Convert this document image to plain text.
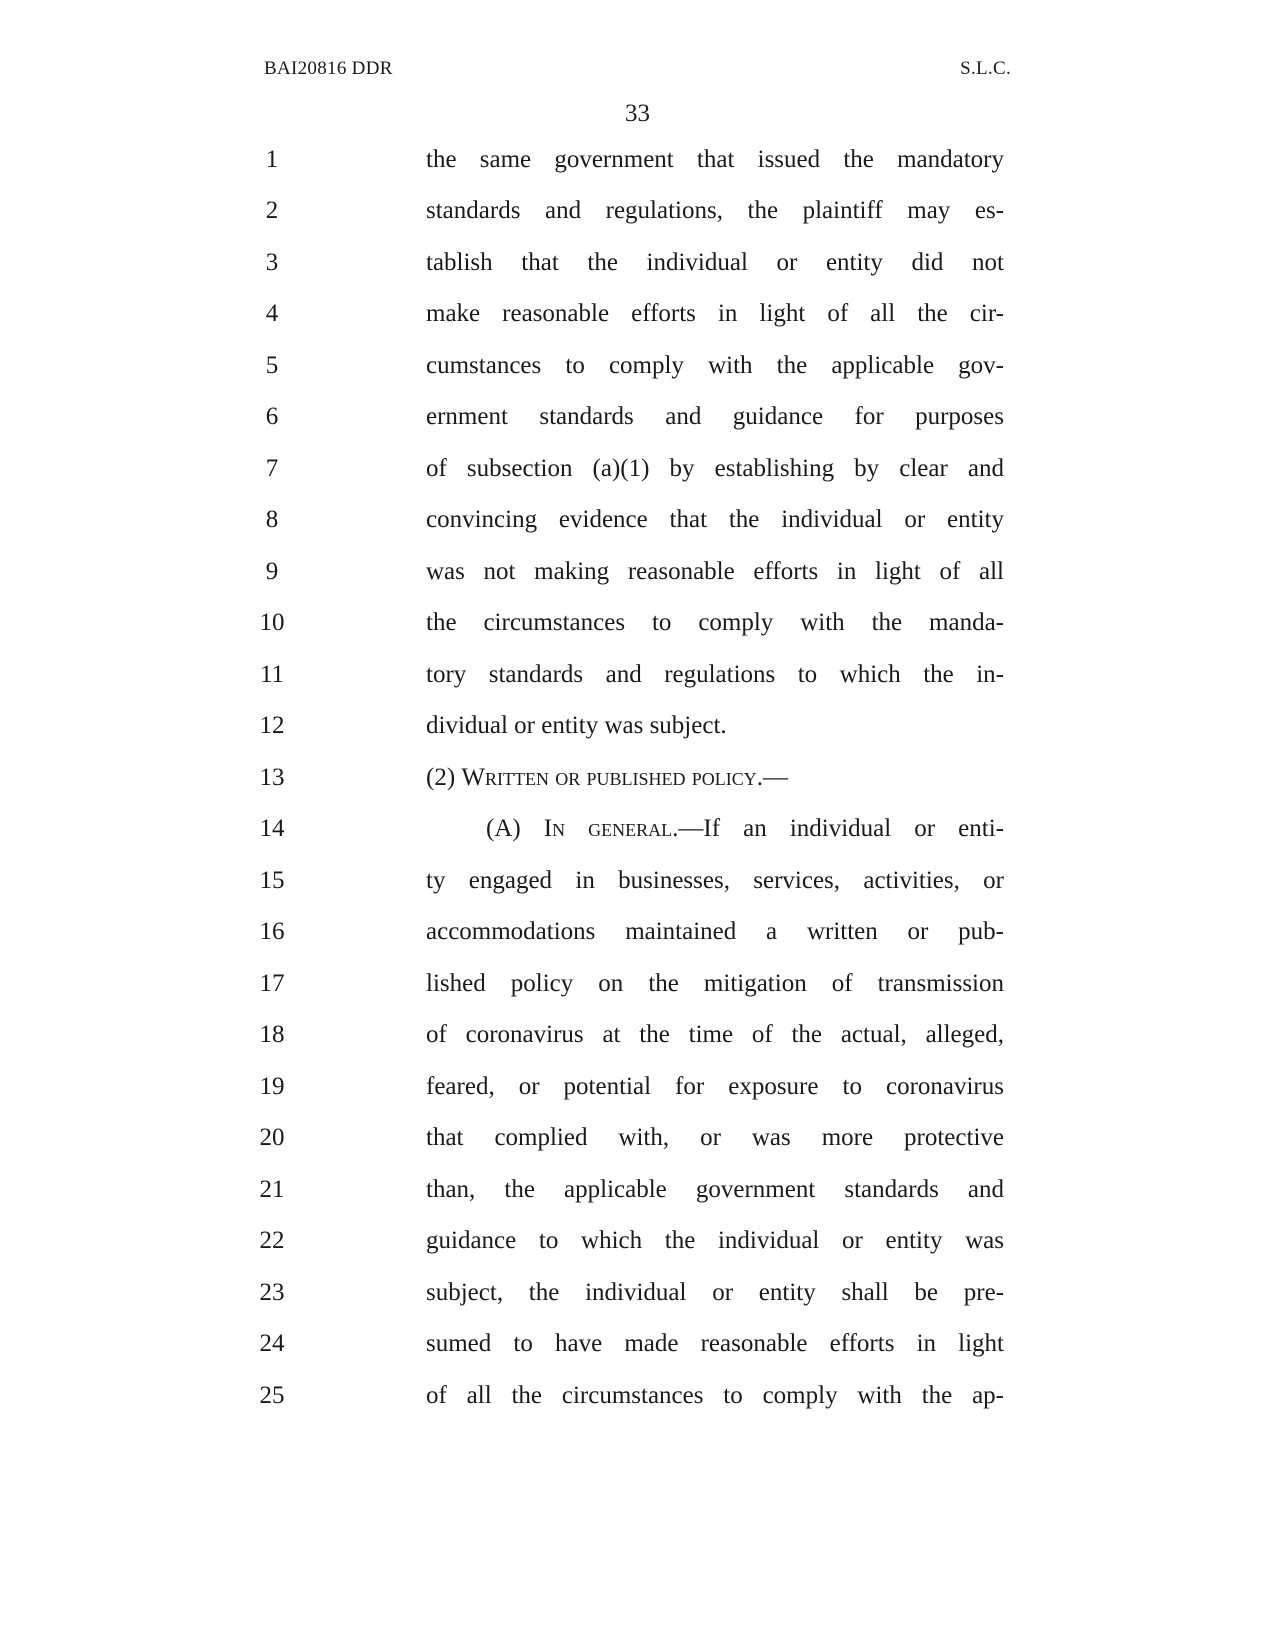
BAI20816 DDR	S.L.C.
33
1	the same government that issued the mandatory
2	standards and regulations, the plaintiff may es-
3	tablish that the individual or entity did not
4	make reasonable efforts in light of all the cir-
5	cumstances to comply with the applicable gov-
6	ernment standards and guidance for purposes
7	of subsection (a)(1) by establishing by clear and
8	convincing evidence that the individual or entity
9	was not making reasonable efforts in light of all
10	the circumstances to comply with the manda-
11	tory standards and regulations to which the in-
12	dividual or entity was subject.
13	(2) Written or published policy.—
14	(A) In general.—If an individual or enti-
15	ty engaged in businesses, services, activities, or
16	accommodations maintained a written or pub-
17	lished policy on the mitigation of transmission
18	of coronavirus at the time of the actual, alleged,
19	feared, or potential for exposure to coronavirus
20	that complied with, or was more protective
21	than, the applicable government standards and
22	guidance to which the individual or entity was
23	subject, the individual or entity shall be pre-
24	sumed to have made reasonable efforts in light
25	of all the circumstances to comply with the ap-
